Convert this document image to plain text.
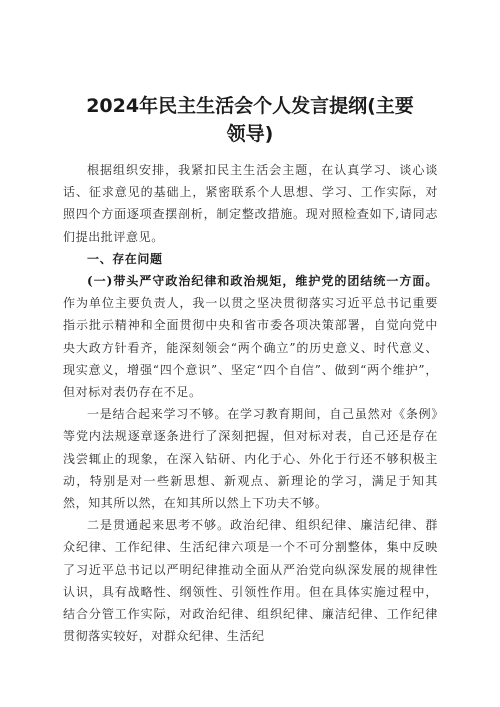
2024年民主生活会个人发言提纲(主要领导)

根据组织安排，我紧扣民主生活会主题，在认真学习、谈心谈话、征求意见的基础上，紧密联系个人思想、学习、工作实际，对照四个方面逐项查摆剖析，制定整改措施。现对照检查如下,请同志们提出批评意见。

一、存在问题

(一)带头严守政治纪律和政治规矩，维护党的团结统一方面。作为单位主要负责人，我一以贯之坚决贯彻落实习近平总书记重要指示批示精神和全面贯彻中央和省市委各项决策部署，自觉向党中央大政方针看齐，能深刻领会“两个确立”的历史意义、时代意义、现实意义，增强“四个意识”、坚定“四个自信”、做到“两个维护”，但对标对表仍存在不足。

一是结合起来学习不够。在学习教育期间，自己虽然对《条例》等党内法规逐章逐条进行了深刻把握，但对标对表，自己还是存在浅尝辄止的现象，在深入钻研、内化于心、外化于行还不够积极主动，特别是对一些新思想、新观点、新理论的学习，满足于知其然，知其所以然，在知其所以然上下功夫不够。

二是贯通起来思考不够。政治纪律、组织纪律、廉洁纪律、群众纪律、工作纪律、生活纪律六项是一个不可分割整体，集中反映了习近平总书记以严明纪律推动全面从严治党向纵深发展的规律性认识，具有战略性、纲领性、引领性作用。但在具体实施过程中，结合分管工作实际，对政治纪律、组织纪律、廉洁纪律、工作纪律贯彻落实较好，对群众纪律、生活纪
